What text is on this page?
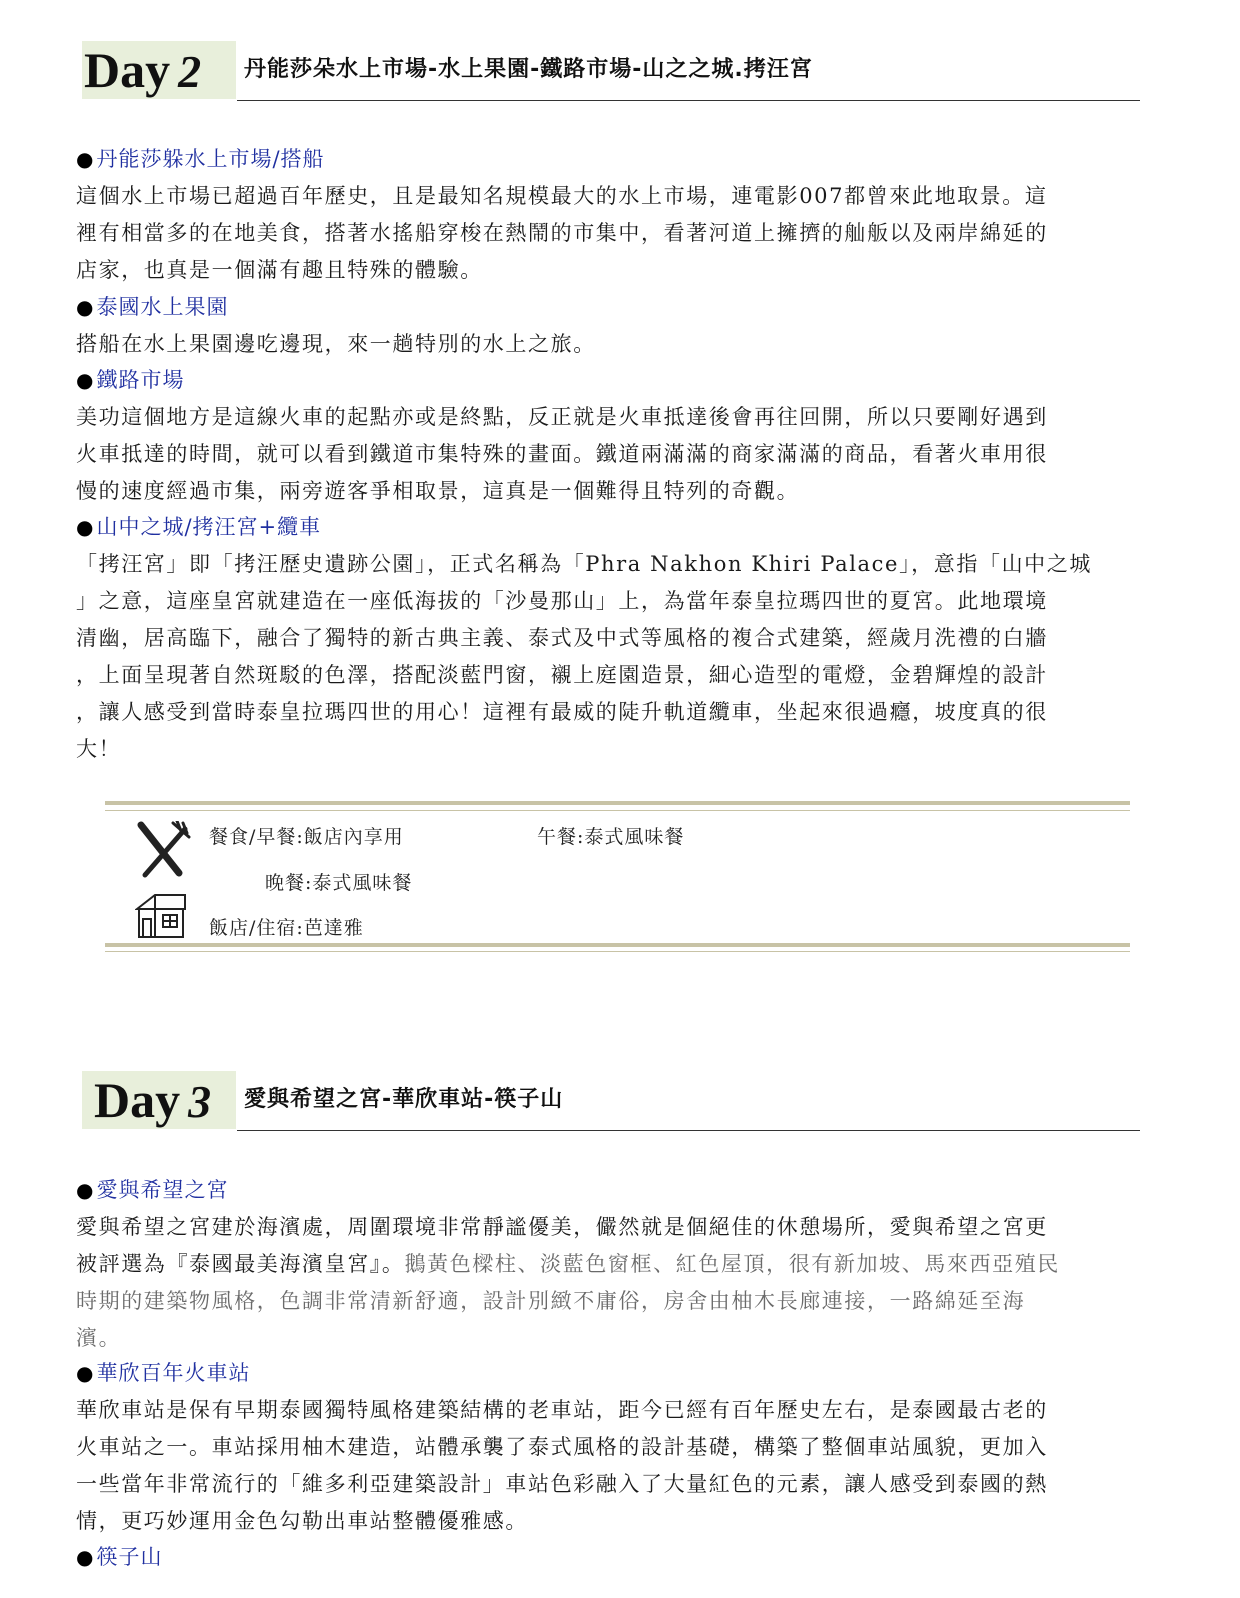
Day 2 丹能莎朵水上市場-水上果園-鐵路市場-山之之城.拷汪宮
●丹能莎躲水上市場/搭船

這個水上市場已超過百年歷史，且是最知名規模最大的水上市場，連電影007都曾來此地取景。這

裡有相當多的在地美食，搭著水搖船穿梭在熱鬧的市集中，看著河道上擁擠的舢舨以及兩岸綿延的

店家，也真是一個滿有趣且特殊的體驗。

●泰國水上果園

搭船在水上果園邊吃邊現，來一趟特別的水上之旅。

●鐵路市場

美功這個地方是這線火車的起點亦或是終點，反正就是火車抵達後會再往回開，所以只要剛好遇到

火車抵達的時間，就可以看到鐵道市集特殊的畫面。鐵道兩滿滿的商家滿滿的商品，看著火車用很

慢的速度經過市集，兩旁遊客爭相取景，這真是一個難得且特列的奇觀。

●山中之城/拷汪宮+纜車

「拷汪宮」即「拷汪歷史遺跡公園」，正式名稱為「Phra Nakhon Khiri Palace」，意指「山中之城

」之意，這座皇宮就建造在一座低海拔的「沙曼那山」上，為當年泰皇拉瑪四世的夏宮。此地環境

清幽，居高臨下，融合了獨特的新古典主義、泰式及中式等風格的複合式建築，經歲月洗禮的白牆

，上面呈現著自然斑駁的色澤，搭配淡藍門窗，襯上庭園造景，細心造型的電燈，金碧輝煌的設計

，讓人感受到當時泰皇拉瑪四世的用心！這裡有最威的陡升軌道纜車，坐起來很過癮，坡度真的很

大！

餐食/早餐:飯店內享用	午餐:泰式風味餐
晚餐:泰式風味餐
飯店/住宿:芭達雅
Day 3 愛與希望之宮-華欣車站-筷子山
●愛與希望之宮

愛與希望之宮建於海濱處，周圍環境非常靜謐優美，儼然就是個絕佳的休憩場所，愛與希望之宮更

被評選為『泰國最美海濱皇宮』。鵝黃色樑柱、淡藍色窗框、紅色屋頂，很有新加坡、馬來西亞殖民

時期的建築物風格，色調非常清新舒適，設計別緻不庸俗，房舍由柚木長廊連接，一路綿延至海

濱。

●華欣百年火車站

華欣車站是保有早期泰國獨特風格建築結構的老車站，距今已經有百年歷史左右，是泰國最古老的

火車站之一。車站採用柚木建造，站體承襲了泰式風格的設計基礎，構築了整個車站風貌，更加入

一些當年非常流行的「維多利亞建築設計」車站色彩融入了大量紅色的元素，讓人感受到泰國的熱

情，更巧妙運用金色勾勒出車站整體優雅感。

●筷子山
